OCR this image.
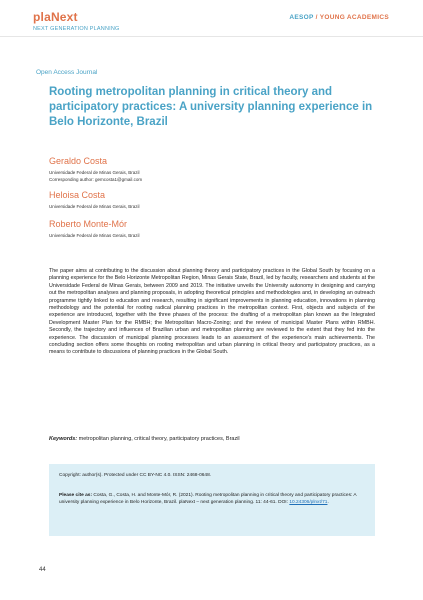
plaNext
NEXT GENERATION PLANNING
AESOP / YOUNG ACADEMICS
Open Access Journal
Rooting metropolitan planning in critical theory and participatory practices: A university planning experience in Belo Horizonte, Brazil
Geraldo Costa
Universidade Federal de Minas Gerais, Brazil
Corresponding author: gemcosta1@gmail.com
Heloisa Costa
Universidade Federal de Minas Gerais, Brazil
Roberto Monte-Mór
Universidade Federal de Minas Gerais, Brazil
The paper aims at contributing to the discussion about planning theory and participatory practices in the Global South by focusing on a planning experience for the Belo Horizonte Metropolitan Region, Minas Gerais State, Brazil, led by faculty, researchers and students at the Universidade Federal de Minas Gerais, between 2009 and 2019. The initiative unveils the University autonomy in designing and carrying out the metropolitan analyses and planning proposals, in adopting theoretical principles and methodologies and, in developing an outreach programme tightly linked to education and research, resulting in significant improvements in planning education, innovations in planning methodology and the potential for rooting radical planning practices in the metropolitan context. First, objects and subjects of the experience are introduced, together with the three phases of the process: the drafting of a metropolitan plan known as the Integrated Development Master Plan for the RMBH; the Metropolitan Macro-Zoning; and the review of municipal Master Plans within RMBH. Secondly, the trajectory and influences of Brazilian urban and metropolitan planning are reviewed to the extent that they fed into the experience. The discussion of municipal planning processes leads to an assessment of the experience's main achievements. The concluding section offers some thoughts on rooting metropolitan and urban planning in critical theory and participatory practices, as a means to contribute to discussions of planning practices in the Global South.
Keywords: metropolitan planning, critical theory, participatory practices, Brazil
Copyright: author(s). Protected under CC BY-NC 4.0. ISSN: 2468-0648.
Please cite as: Costa, G., Costa, H. and Monte-Mór, R. (2021). Rooting metropolitan planning in critical theory and participatory practices: A university planning experience in Belo Horizonte, Brazil. plaNext – next generation planning. 11: 44-61. DOI: 10.24306/plnxt/71.
44
